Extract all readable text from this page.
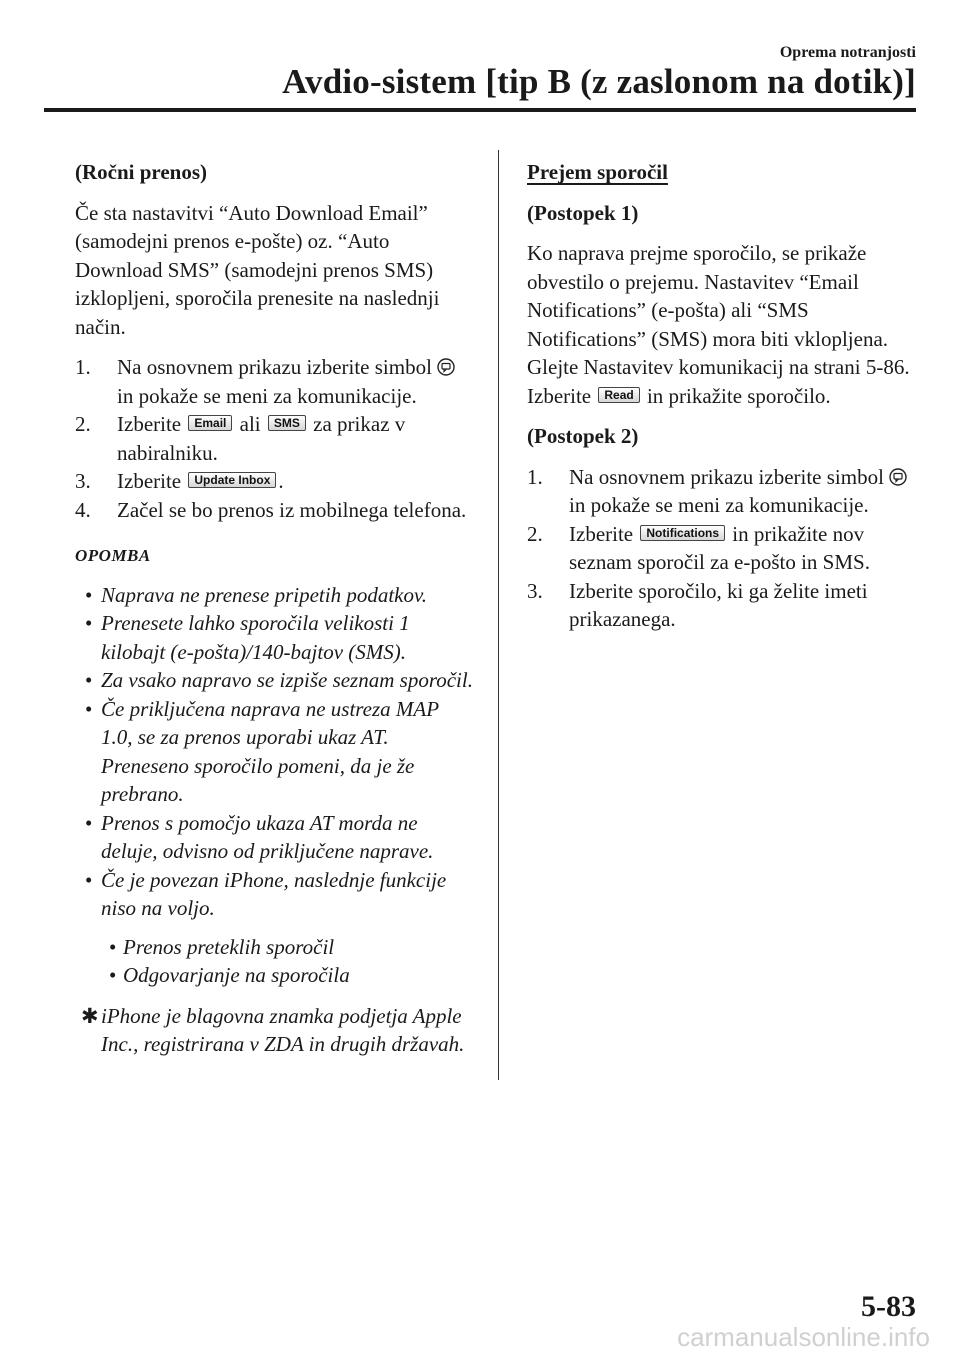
Oprema notranjosti
Avdio-sistem [tip B (z zaslonom na dotik)]
(Ročni prenos)

Če sta nastavitvi “Auto Download Email” (samodejni prenos e-pošte) oz. “Auto Download SMS” (samodejni prenos SMS) izklopljeni, sporočila prenesite na naslednji način.

1. Na osnovnem prikazu izberite simbol in pokaže se meni za komunikacije.
2. Izberite Email ali SMS za prikaz v nabiralniku.
3. Izberite Update Inbox .
4. Začel se bo prenos iz mobilnega telefona.
OPOMBA
• Naprava ne prenese pripetih podatkov.
• Prenesete lahko sporočila velikosti 1 kilobajt (e-pošta)/140-bajtov (SMS).
• Za vsako napravo se izpiše seznam sporočil.
• Če priključena naprava ne ustreza MAP 1.0, se za prenos uporabi ukaz AT. Preneseno sporočilo pomeni, da je že prebrano.
• Prenos s pomočjo ukaza AT morda ne deluje, odvisno od priključene naprave.
• Če je povezan iPhone, naslednje funkcije niso na voljo.
• Prenos preteklih sporočil
• Odgovarjanje na sporočila
✱ iPhone je blagovna znamka podjetja Apple Inc., registrirana v ZDA in drugih državah.
Prejem sporočil
(Postopek 1)

Ko naprava prejme sporočilo, se prikaže obvestilo o prejemu. Nastavitev “Email Notifications” (e-pošta) ali “SMS Notifications” (SMS) mora biti vklopljena. Glejte Nastavitev komunikacij na strani 5-86.
Izberite Read in prikažite sporočilo.

(Postopek 2)
1. Na osnovnem prikazu izberite simbol in pokaže se meni za komunikacije.
2. Izberite Notifications in prikažite nov seznam sporočil za e-pošto in SMS.
3. Izberite sporočilo, ki ga želite imeti prikazanega.
5-83
carmanualsonline.info
